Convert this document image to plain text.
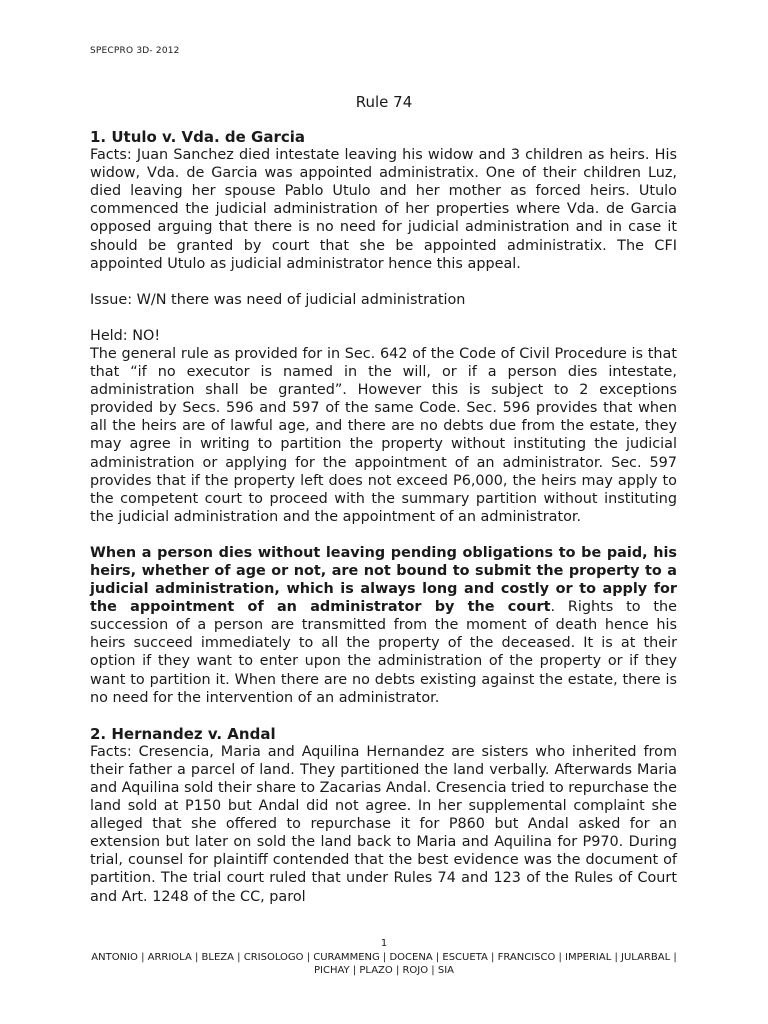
SPECPRO 3D- 2012
Rule 74

1. Utulo v. Vda. de Garcia

Facts: Juan Sanchez died intestate leaving his widow and 3 children as heirs. His widow, Vda. de Garcia was appointed administratix. One of their children Luz, died leaving her spouse Pablo Utulo and her mother as forced heirs. Utulo commenced the judicial administration of her properties where Vda. de Garcia opposed arguing that there is no need for judicial administration and in case it should be granted by court that she be appointed administratix. The CFI appointed Utulo as judicial administrator hence this appeal.

Issue: W/N there was need of judicial administration

Held: NO!

The general rule as provided for in Sec. 642 of the Code of Civil Procedure is that that “if no executor is named in the will, or if a person dies intestate, administration shall be granted”. However this is subject to 2 exceptions provided by Secs. 596 and 597 of the same Code. Sec. 596 provides that when all the heirs are of lawful age, and there are no debts due from the estate, they may agree in writing to partition the property without instituting the judicial administration or applying for the appointment of an administrator. Sec. 597 provides that if the property left does not exceed P6,000, the heirs may apply to the competent court to proceed with the summary partition without instituting the judicial administration and the appointment of an administrator.

When a person dies without leaving pending obligations to be paid, his heirs, whether of age or not, are not bound to submit the property to a judicial administration, which is always long and costly or to apply for the appointment of an administrator by the court. Rights to the succession of a person are transmitted from the moment of death hence his heirs succeed immediately to all the property of the deceased. It is at their option if they want to enter upon the administration of the property or if they want to partition it. When there are no debts existing against the estate, there is no need for the intervention of an administrator.

2. Hernandez v. Andal

Facts: Cresencia, Maria and Aquilina Hernandez are sisters who inherited from their father a parcel of land. They partitioned the land verbally. Afterwards Maria and Aquilina sold their share to Zacarias Andal. Cresencia tried to repurchase the land sold at P150 but Andal did not agree. In her supplemental complaint she alleged that she offered to repurchase it for P860 but Andal asked for an extension but later on sold the land back to Maria and Aquilina for P970. During trial, counsel for plaintiff contended that the best evidence was the document of partition. The trial court ruled that under Rules 74 and 123 of the Rules of Court and Art. 1248 of the CC, parol

1
ANTONIO | ARRIOLA | BLEZA | CRISOLOGO | CURAMMENG | DOCENA | ESCUETA | FRANCISCO | IMPERIAL | JULARBAL | PICHAY | PLAZO | ROJO | SIA
